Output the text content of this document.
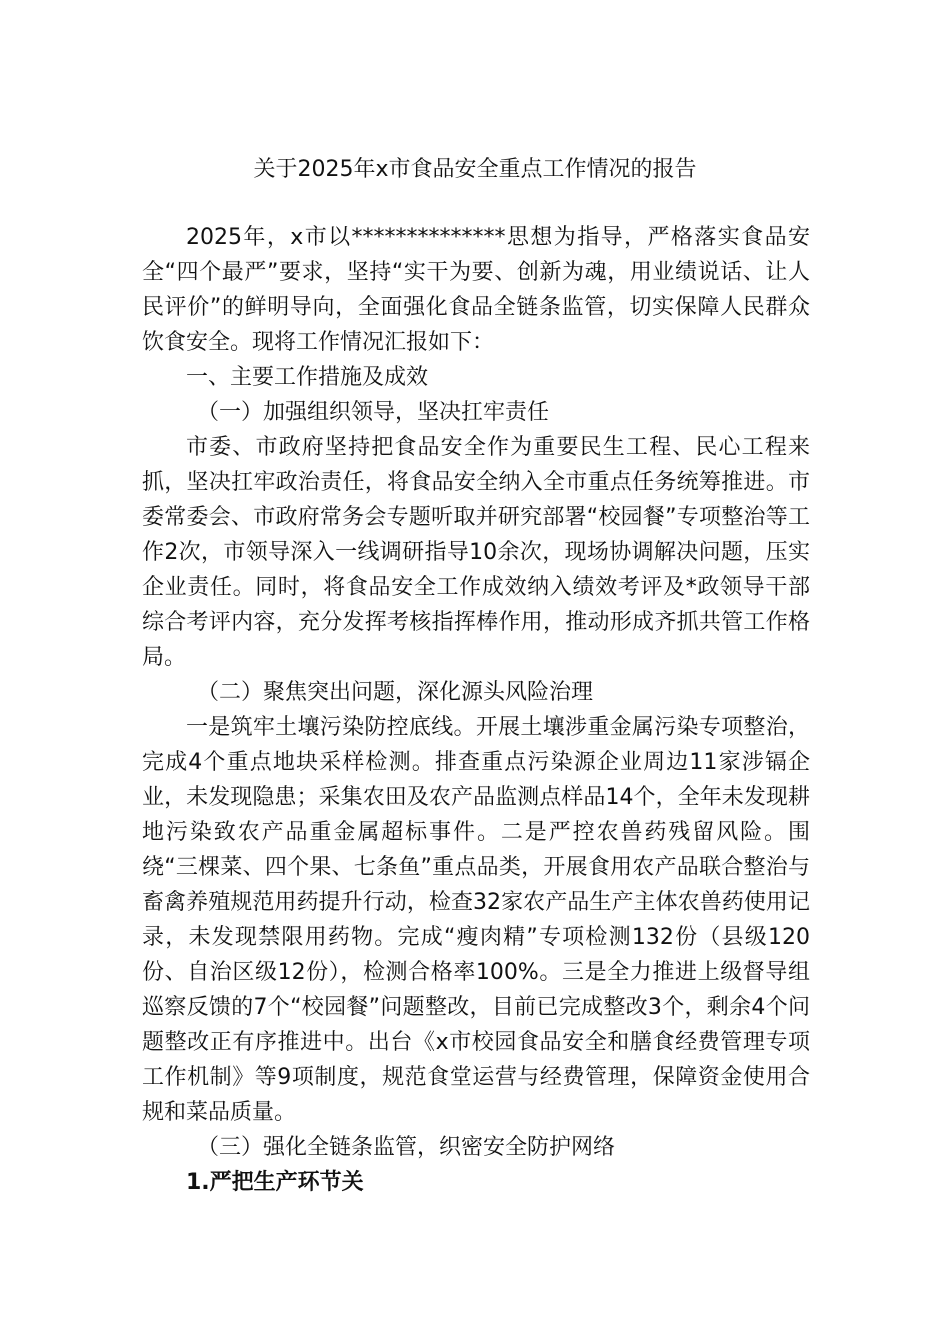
关于2025年x市食品安全重点工作情况的报告

2025年，x市以**************思想为指导，严格落实食品安全“四个最严”要求，坚持“实干为要、创新为魂，用业绩说话、让人民评价”的鲜明导向，全面强化食品全链条监管，切实保障人民群众饮食安全。现将工作情况汇报如下：

一、主要工作措施及成效

（一）加强组织领导，坚决扛牢责任

市委、市政府坚持把食品安全作为重要民生工程、民心工程来抓，坚决扛牢政治责任，将食品安全纳入全市重点任务统筹推进。市委常委会、市政府常务会专题听取并研究部署“校园餐”专项整治等工作2次，市领导深入一线调研指导10余次，现场协调解决问题，压实企业责任。同时，将食品安全工作成效纳入绩效考评及*政领导干部综合考评内容，充分发挥考核指挥棒作用，推动形成齐抓共管工作格局。

（二）聚焦突出问题，深化源头风险治理

一是筑牢土壤污染防控底线。开展土壤涉重金属污染专项整治，完成4个重点地块采样检测。排查重点污染源企业周边11家涉镉企业，未发现隐患；采集农田及农产品监测点样品14个，全年未发现耕地污染致农产品重金属超标事件。二是严控农兽药残留风险。围绕“三棵菜、四个果、七条鱼”重点品类，开展食用农产品联合整治与畜禽养殖规范用药提升行动，检查32家农产品生产主体农兽药使用记录，未发现禁限用药物。完成“瘦肉精”专项检测132份（县级120份、自治区级12份），检测合格率100%。三是全力推进上级督导组巡察反馈的7个“校园餐”问题整改，目前已完成整改3个，剩余4个问题整改正有序推进中。出台《x市校园食品安全和膳食经费管理专项工作机制》等9项制度，规范食堂运营与经费管理，保障资金使用合规和菜品质量。

（三）强化全链条监管，织密安全防护网络

1.严把生产环节关
